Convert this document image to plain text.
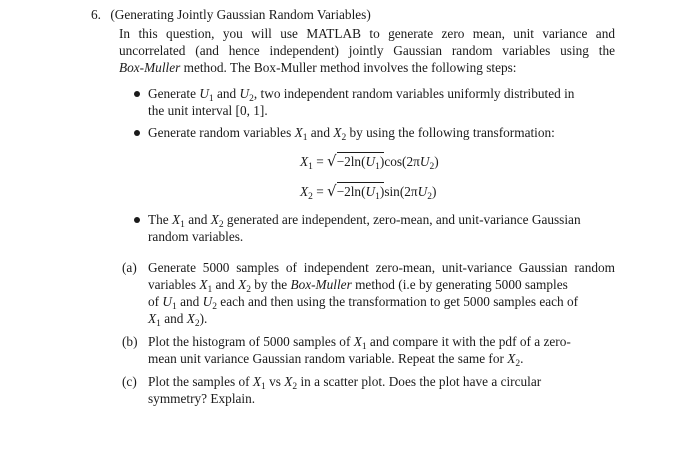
6. (Generating Jointly Gaussian Random Variables)
In this question, you will use MATLAB to generate zero mean, unit variance and
uncorrelated (and hence independent) jointly Gaussian random variables using the
Box-Muller method. The Box-Muller method involves the following steps:
Generate $U_1$ and $U_2$, two independent random variables uniformly distributed in
the unit interval [0, 1].
Generate random variables $X_1$ and $X_2$ by using the following transformation:
$X_1 = √-2\ln(U_1)\cos(2\pi U_2)$
$X_2 = √-2\ln(U_1)\sin(2\pi U_2)$
The $X_1$ and $X_2$ generated are independent, zero-mean, and unit-variance Gaussian
random variables.
(a) Generate 5000 samples of independent zero-mean, unit-variance Gaussian random
variables $X_1$ and $X_2$ by the Box-Muller method (i.e by generating 5000 samples
of $U_1$ and $U_2$ each and then using the transformation to get 5000 samples each of
$X_1$ and $X_2$).
(b) Plot the histogram of 5000 samples of $X_1$ and compare it with the pdf of a zero-
mean unit variance Gaussian random variable. Repeat the same for $X_2$.
(c) Plot the samples of $X_1$ vs $X_2$ in a scatter plot. Does the plot have a circular
symmetry? Explain.
